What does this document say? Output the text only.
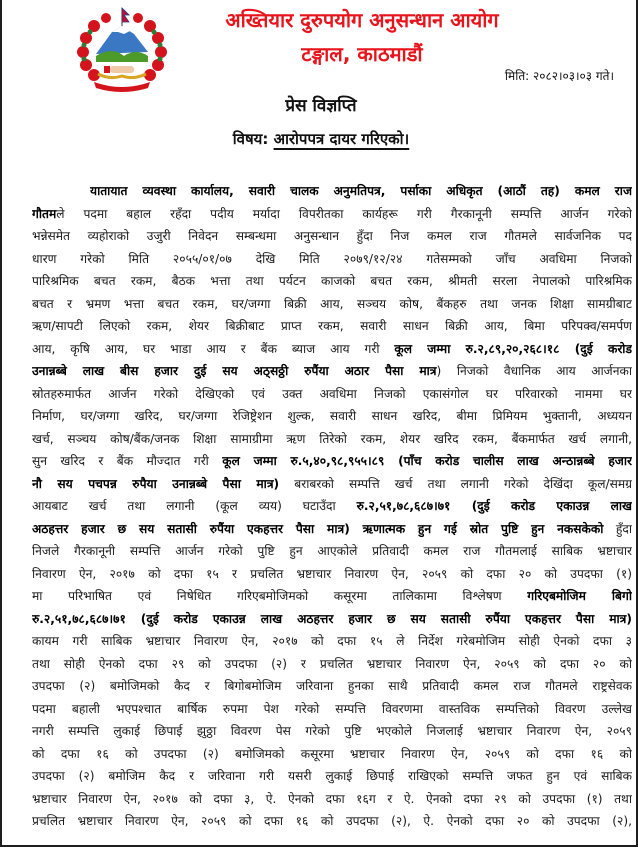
अख्तियार दुरुपयोग अनुसन्धान आयोग
टङ्गाल, काठमाडौं
मिति: २०८२।०३।०३ गते।
प्रेस विज्ञप्ति
विषय: आरोपपत्र दायर गरिएको।
यातायात व्यवस्था कार्यालय, सवारी चालक अनुमतिपत्र, पर्साका अधिकृत (आठौं तह) कमल राज
गौतमले पदमा बहाल रहँदा पदीय मर्यादा विपरीतका कार्यहरू गरी गैरकानूनी सम्पत्ति आर्जन गरेको
भन्नेसमेत व्यहोराको उजुरी निवेदन सम्बन्धमा अनुसन्धान हुँदा निज कमल राज गौतमले सार्वजनिक पद
धारण गरेको मिति २०५५/०१/०७ देखि मिति २०७९/१२/२४ गतेसम्मको जाँच अवधिमा निजको
पारिश्रमिक बचत रकम, बैठक भत्ता तथा पर्यटन काजको बचत रकम, श्रीमती सरला नेपालको पारिश्रमिक
बचत र भ्रमण भत्ता बचत रकम, घर/जग्गा बिक्री आय, सञ्चय कोष, बैंकहरु तथा जनक शिक्षा सामग्रीबाट
ऋण/सापटी लिएको रकम, शेयर बिक्रीबाट प्राप्त रकम, सवारी साधन बिक्री आय, बिमा परिपक्व/समर्पण
आय, कृषि आय, घर भाडा आय र बैंक ब्याज आय गरी कूल जम्मा रु.२,८९,२०,२६८।१८ (दुई करोड
उनान्नब्बे लाख बीस हजार दुई सय अठ्सठ्ठी रुपैंया अठार पैसा मात्र) निजको वैधानिक आय आर्जनका
स्रोतहरुमार्फत आर्जन गरेको देखिएको एवं उक्त अवधिमा निजको एकासंगोल घर परिवारको नाममा घर
निर्माण, घर/जग्गा खरिद, घर/जग्गा रेजिष्ट्रेशन शुल्क, सवारी साधन खरिद, बीमा प्रिमियम भुक्तानी, अध्ययन
खर्च, सञ्चय कोष/बैंक/जनक शिक्षा सामाग्रीमा ऋण तिरेको रकम, शेयर खरिद रकम, बैंकमार्फत खर्च लगानी,
सुन खरिद र बैंक मौज्दात गरी कूल जम्मा रु.५,४०,९८,९५५।८९ (पाँच करोड चालीस लाख अन्ठान्नब्बे हजार
नौ सय पचपन्न रुपैया उनान्नब्बे पैसा मात्र) बराबरको सम्पत्ति खर्च तथा लगानी गरेको देखिंदा कूल/समग्र
आयबाट खर्च तथा लगानी (कूल व्यय) घटाउँदा रु.२,५१,७८,६८७।७१ (दुई करोड एकाउन्न लाख
अठहत्तर हजार छ सय सतासी रुपैंया एकहत्तर पैसा मात्र) ऋणात्मक हुन गई स्रोत पुष्टि हुन नकसकेको हुँदा
निजले गैरकानूनी सम्पत्ति आर्जन गरेको पुष्टि हुन आएकोले प्रतिवादी कमल राज गौतमलाई साबिक भ्रष्टाचार
निवारण ऐन, २०१७ को दफा १५ र प्रचलित भ्रष्टाचार निवारण ऐन, २०५९ को दफा २० को उपदफा (१)
मा परिभाषित एवं निषेधित गरिएबमोजिमको कसूरमा तालिकामा विश्लेषण गरिएबमोजिम बिगो
रु.२,५१,७८,६८७।७१ (दुई करोड एकाउन्न लाख अठहत्तर हजार छ सय सतासी रुपैंया एकहत्तर पैसा मात्र)
कायम गरी साबिक भ्रष्टाचार निवारण ऐन, २०१७ को दफा १५ ले निर्देश गरेबमोजिम सोही ऐनको दफा ३
तथा सोही ऐनको दफा २९ को उपदफा (२) र प्रचलित भ्रष्टाचार निवारण ऐन, २०५९ को दफा २० को
उपदफा (२) बमोजिमको कैद र बिगोबमोजिम जरिवाना हुनका साथै प्रतिवादी कमल राज गौतमले राष्ट्रसेवक
पदमा बहाली भएपश्चात बार्षिक रुपमा पेश गरेको सम्पत्ति विवरणमा वास्तविक सम्पत्तिको विवरण उल्लेख
नगरी सम्पत्ति लुकाई छिपाई झुठ्ठा विवरण पेस गरेको पुष्टि भएकोले निजलाई भ्रष्टाचार निवारण ऐन, २०५९
को दफा १६ को उपदफा (२) बमोजिमको कसूरमा भ्रष्टाचार निवारण ऐन, २०५९ को दफा १६ को
उपदफा (२) बमोजिम कैद र जरिवाना गरी यसरी लुकाई छिपाई राखिएको सम्पत्ति जफत हुन एवं साबिक
भ्रष्टाचार निवारण ऐन, २०१७ को दफा ३, ऐ. ऐनको दफा १६ग र ऐ. ऐनको दफा २९ को उपदफा (१) तथा
प्रचलित भ्रष्टाचार निवारण ऐन, २०५९ को दफा १६ को उपदफा (२), ऐ. ऐनको दफा २० को उपदफा (२),
